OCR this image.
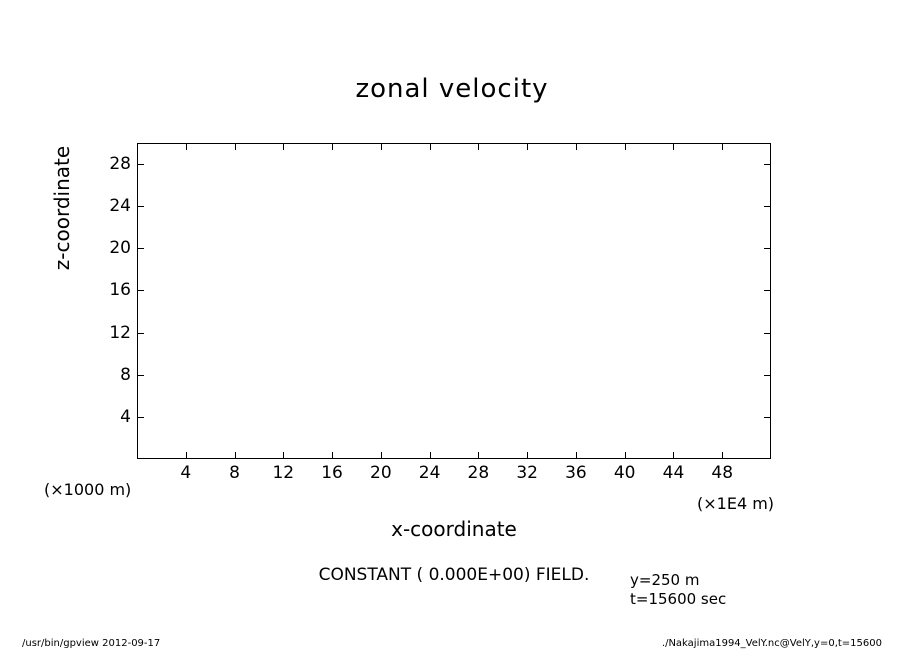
zonal velocity
4
8
12
16
20
24
28
4	8	12	16	20	24	28	32	36	40	44	48
z-coordinate
x-coordinate
(×1000 m)
(×1E4 m)
CONSTANT ( 0.000E+00) FIELD.	y=250 m
t=15600 sec
/usr/bin/gpview 2012-09-17	./Nakajima1994_VelY.nc@VelY,y=0,t=15600
